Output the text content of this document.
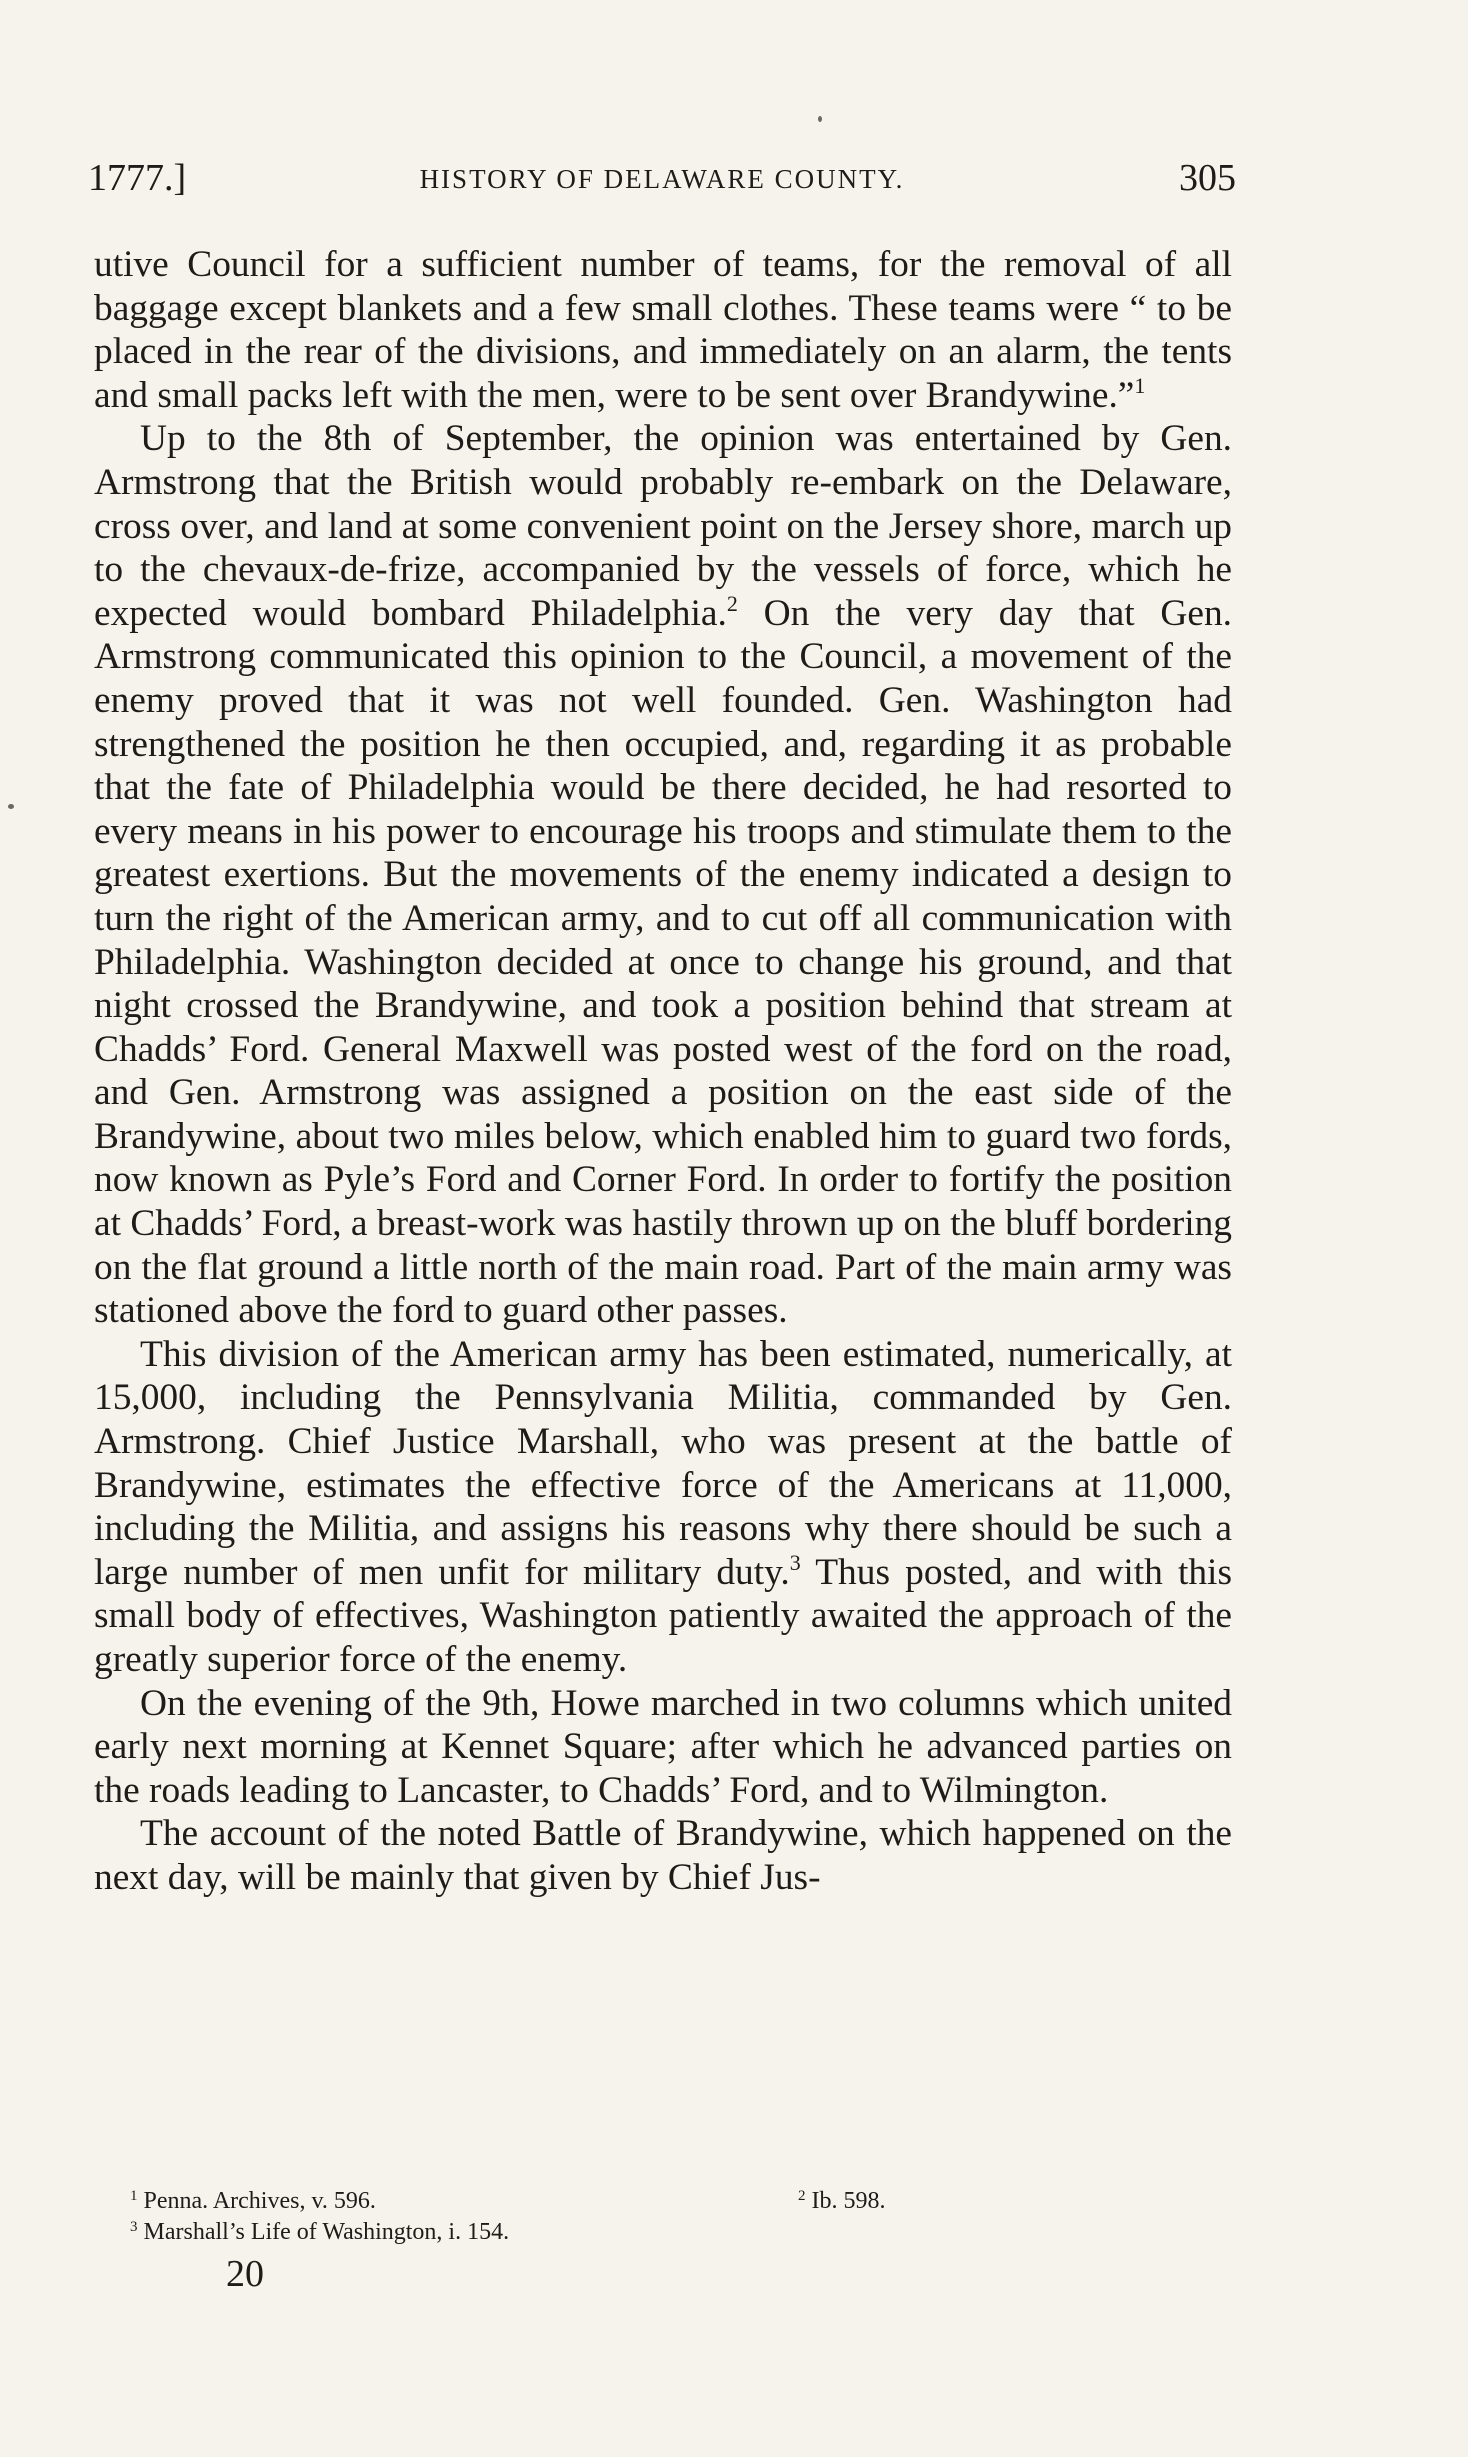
1777.]	HISTORY OF DELAWARE COUNTY.	305

utive Council for a sufficient number of teams, for the removal of all baggage except blankets and a few small clothes. These teams were “ to be placed in the rear of the divisions, and immediately on an alarm, the tents and small packs left with the men, were to be sent over Brandywine.”$^1$

Up to the 8th of September, the opinion was entertained by Gen. Armstrong that the British would probably re-embark on the Delaware, cross over, and land at some convenient point on the Jersey shore, march up to the chevaux-de-frize, accompanied by the vessels of force, which he expected would bombard Philadelphia.$^2$ On the very day that Gen. Armstrong communicated this opinion to the Council, a movement of the enemy proved that it was not well founded. Gen. Washington had strengthened the position he then occupied, and, regarding it as probable that the fate of Philadelphia would be there decided, he had resorted to every means in his power to encourage his troops and stimulate them to the greatest exertions. But the movements of the enemy indicated a design to turn the right of the American army, and to cut off all communication with Philadelphia. Washington decided at once to change his ground, and that night crossed the Brandywine, and took a position behind that stream at Chadds’ Ford. General Maxwell was posted west of the ford on the road, and Gen. Armstrong was assigned a position on the east side of the Brandywine, about two miles below, which enabled him to guard two fords, now known as Pyle’s Ford and Corner Ford. In order to fortify the position at Chadds’ Ford, a breast-work was hastily thrown up on the bluff bordering on the flat ground a little north of the main road. Part of the main army was stationed above the ford to guard other passes.

This division of the American army has been estimated, numerically, at 15,000, including the Pennsylvania Militia, commanded by Gen. Armstrong. Chief Justice Marshall, who was present at the battle of Brandywine, estimates the effective force of the Americans at 11,000, including the Militia, and assigns his reasons why there should be such a large number of men unfit for military duty.$^3$ Thus posted, and with this small body of effectives, Washington patiently awaited the approach of the greatly superior force of the enemy.

On the evening of the 9th, Howe marched in two columns which united early next morning at Kennet Square; after which he advanced parties on the roads leading to Lancaster, to Chadds’ Ford, and to Wilmington.

The account of the noted Battle of Brandywine, which happened on the next day, will be mainly that given by Chief Jus-

$^1$ Penna. Archives, v. 596.	$^2$ Ib. 598.
$^3$ Marshall’s Life of Washington, i. 154.
20
